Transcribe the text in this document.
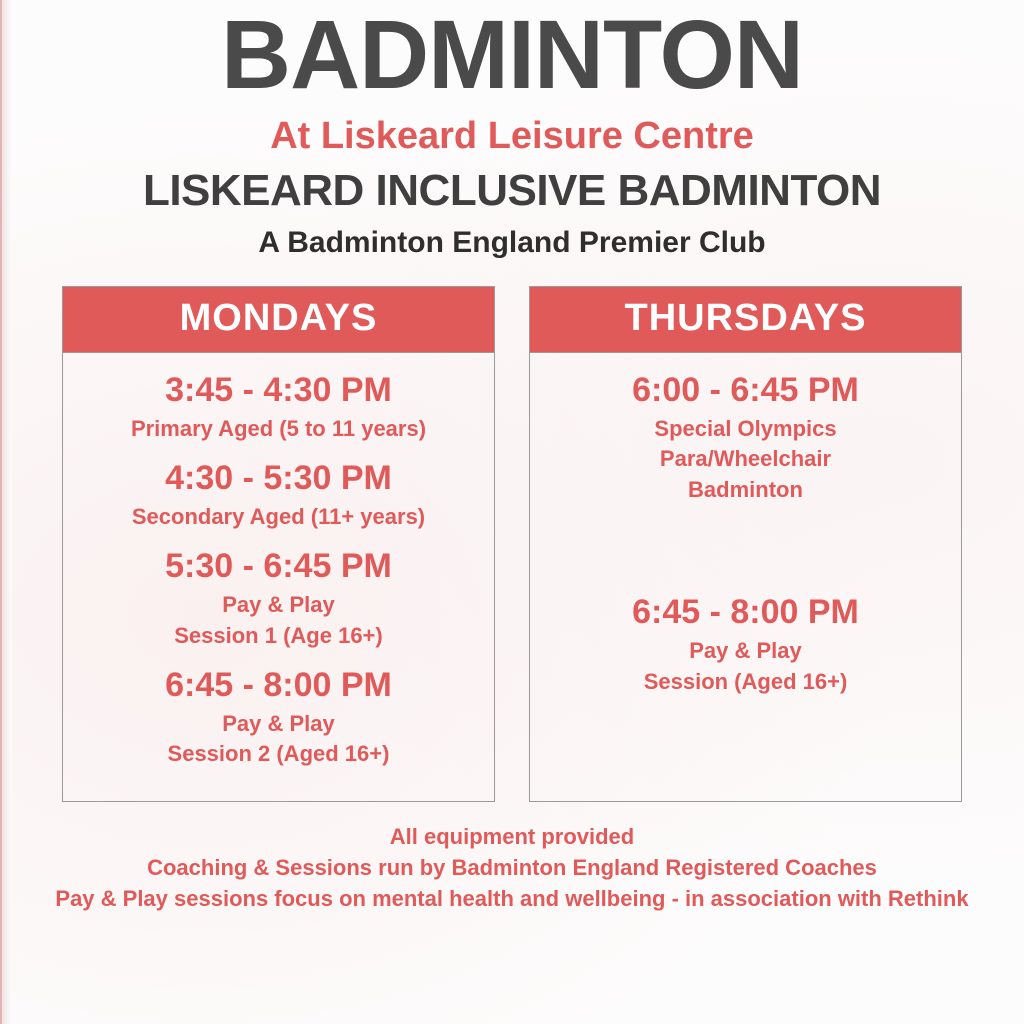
BADMINTON
At Liskeard Leisure Centre
LISKEARD INCLUSIVE BADMINTON
A Badminton England Premier Club
MONDAYS
3:45 - 4:30 PM
Primary Aged (5 to 11 years)
4:30 - 5:30 PM
Secondary Aged (11+ years)
5:30 - 6:45 PM
Pay & Play
Session 1 (Age 16+)
6:45 - 8:00 PM
Pay & Play
Session 2 (Aged 16+)
THURSDAYS
6:00 - 6:45 PM
Special Olympics
Para/Wheelchair
Badminton
6:45 - 8:00 PM
Pay & Play
Session (Aged 16+)
All equipment provided
Coaching & Sessions run by Badminton England Registered Coaches
Pay & Play sessions focus on mental health and wellbeing - in association with Rethink
